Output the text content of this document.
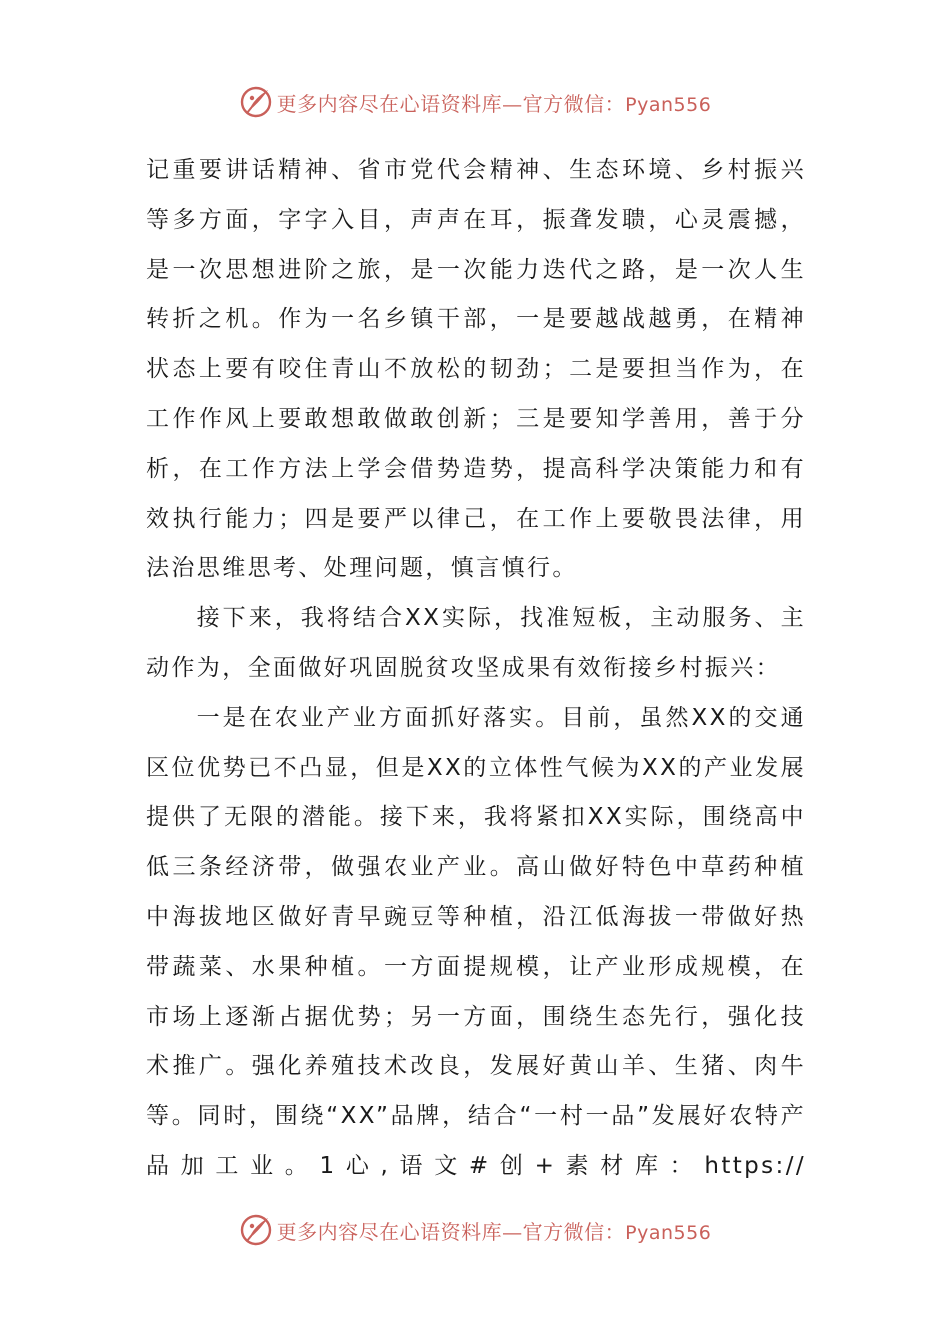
更多内容尽在心语资料库—官方微信：Pyan556

记重要讲话精神、省市党代会精神、生态环境、乡村振兴等多方面，字字入目，声声在耳，振聋发聩，心灵震撼，是一次思想进阶之旅，是一次能力迭代之路，是一次人生转折之机。作为一名乡镇干部，一是要越战越勇，在精神状态上要有咬住青山不放松的韧劲；二是要担当作为，在工作作风上要敢想敢做敢创新；三是要知学善用，善于分析，在工作方法上学会借势造势，提高科学决策能力和有效执行能力；四是要严以律己，在工作上要敬畏法律，用法治思维思考、处理问题，慎言慎行。

接下来，我将结合XX实际，找准短板，主动服务、主动作为，全面做好巩固脱贫攻坚成果有效衔接乡村振兴：

一是在农业产业方面抓好落实。目前，虽然XX的交通区位优势已不凸显，但是XX的立体性气候为XX的产业发展提供了无限的潜能。接下来，我将紧扣XX实际，围绕高中低三条经济带，做强农业产业。高山做好特色中草药种植中海拔地区做好青早豌豆等种植，沿江低海拔一带做好热带蔬菜、水果种植。一方面提规模，让产业形成规模，在市场上逐渐占据优势；另一方面，围绕生态先行，强化技术推广。强化养殖技术改良，发展好黄山羊、生猪、肉牛等。同时，围绕“XX”品牌，结合“一村一品”发展好农特产品加工业。1心,语文#创+素材库：https://

更多内容尽在心语资料库—官方微信：Pyan556
